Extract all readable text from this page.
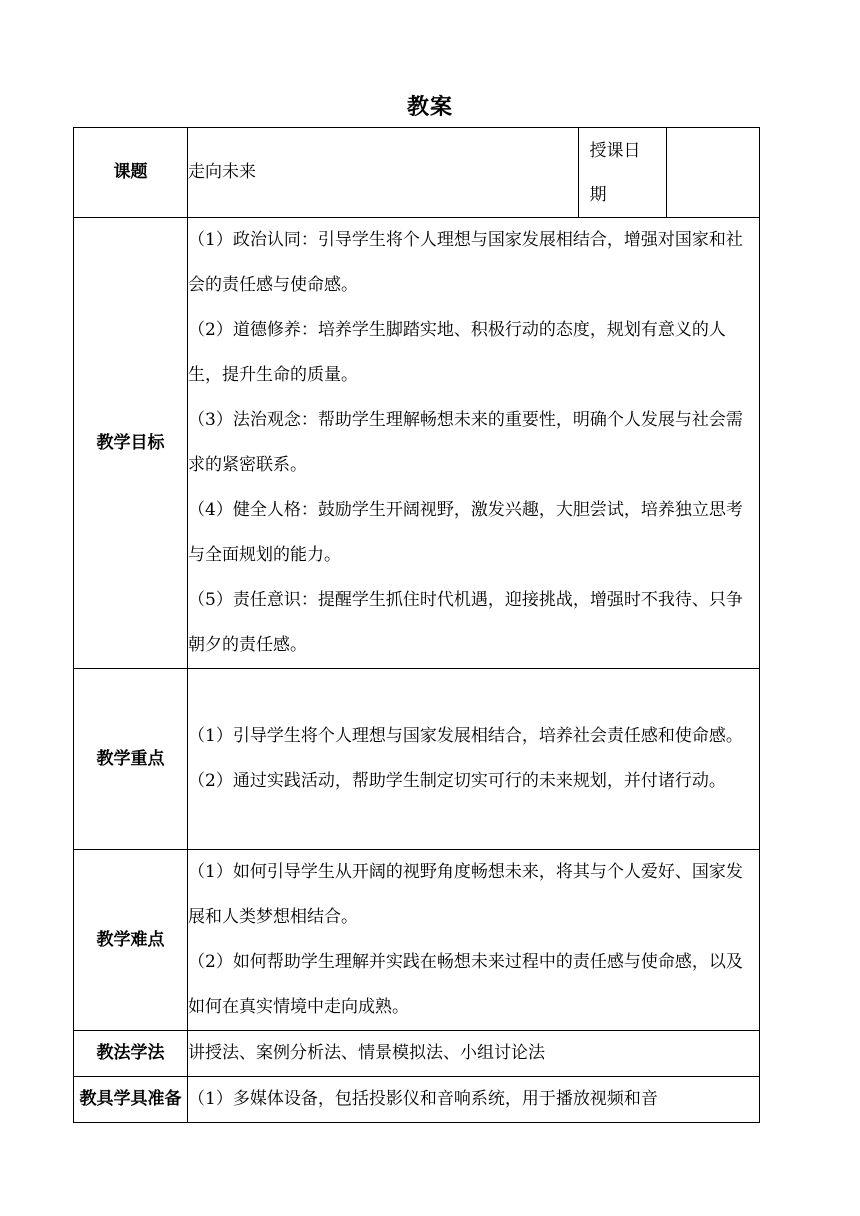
教案
课题	走向未来	授课日期	

教学目标	（1）政治认同：引导学生将个人理想与国家发展相结合，增强对国家和社会的责任感与使命感。

（2）道德修养：培养学生脚踏实地、积极行动的态度，规划有意义的人生，提升生命的质量。

（3）法治观念：帮助学生理解畅想未来的重要性，明确个人发展与社会需求的紧密联系。

（4）健全人格：鼓励学生开阔视野，激发兴趣，大胆尝试，培养独立思考与全面规划的能力。

（5）责任意识：提醒学生抓住时代机遇，迎接挑战，增强时不我待、只争朝夕的责任感。		

教学重点	（1）引导学生将个人理想与国家发展相结合，培养社会责任感和使命感。

（2）通过实践活动，帮助学生制定切实可行的未来规划，并付诸行动。		

教学难点	（1）如何引导学生从开阔的视野角度畅想未来，将其与个人爱好、国家发展和人类梦想相结合。

（2）如何帮助学生理解并实践在畅想未来过程中的责任感与使命感，以及如何在真实情境中走向成熟。		

教法学法	讲授法、案例分析法、情景模拟法、小组讨论法		
教具学具准备	（1）多媒体设备，包括投影仪和音响系统，用于播放视频和音		
